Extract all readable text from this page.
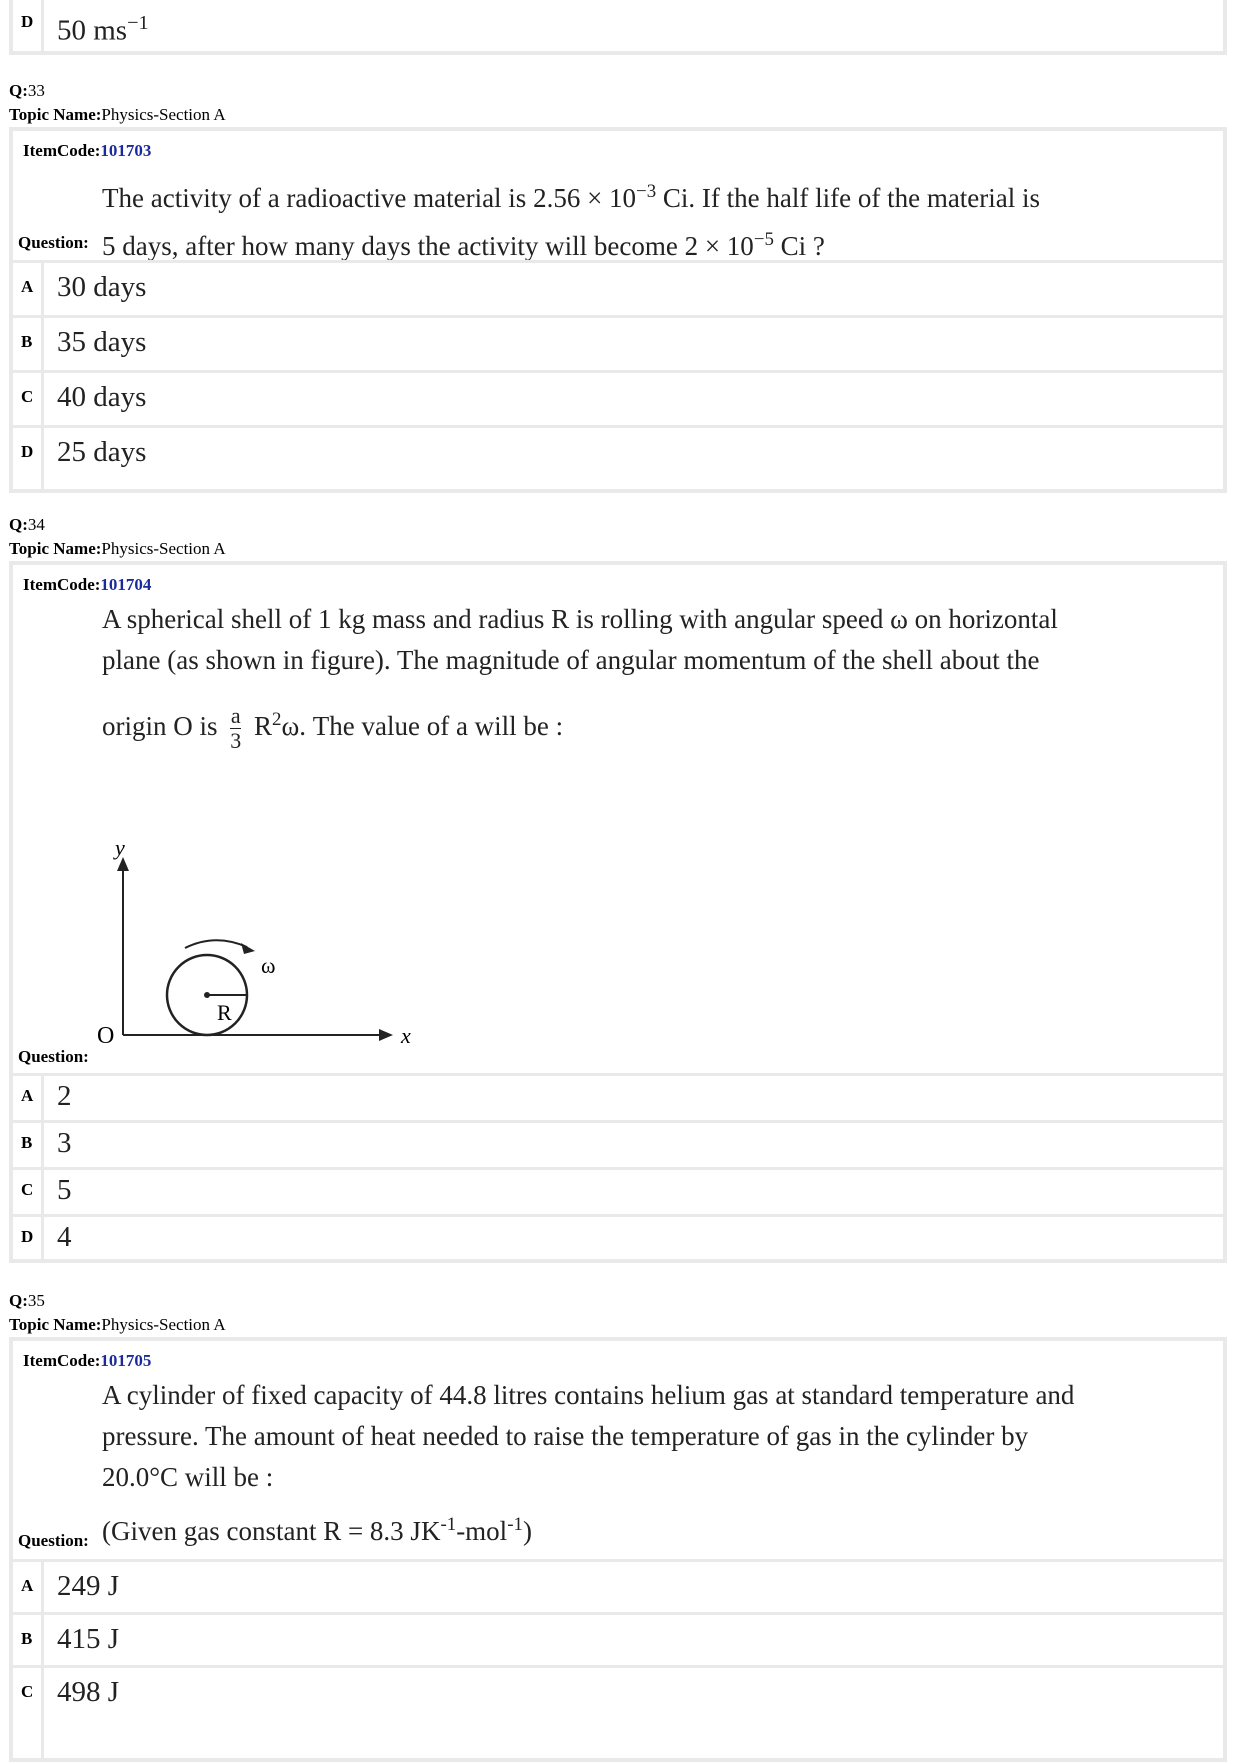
D 50 $ms^{-1}$
Q:33
Topic Name:Physics-Section A
ItemCode:101703
The activity of a radioactive material is $2.56 \times 10^{-3}$ Ci. If the half life of the material is
5 days, after how many days the activity will become $2 \times 10^{-5}$ Ci ?
Question:
A 30 days
B 35 days
C 40 days
D 25 days
Q:34
Topic Name:Physics-Section A
ItemCode:101704
A spherical shell of 1 kg mass and radius R is rolling with angular speed ω on horizontal
plane (as shown in figure). The magnitude of angular momentum of the shell about the
origin O is $\frac{a}{3} R^2\omega$. The value of a will be :
y
x
O
R
ω
Question:
A 2
B 3
C 5
D 4
Q:35
Topic Name:Physics-Section A
ItemCode:101705
A cylinder of fixed capacity of 44.8 litres contains helium gas at standard temperature and
pressure. The amount of heat needed to raise the temperature of gas in the cylinder by
20.0°C will be :
(Given gas constant R = 8.3 $JK^{-1}-mol^{-1}$)
Question:
A 249 J
B 415 J
C 498 J
